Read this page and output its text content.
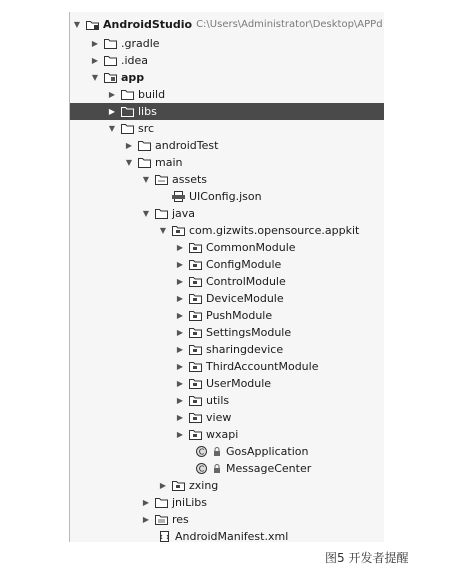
▼ AndroidStudio C:\Users\Administrator\Desktop\APPd
▶ .gradle
▶ .idea
▼ app
▶ build
▶ libs
▼ src
▶ androidTest
▼ main
▼ assets
UIConfig.json
▼ java
▼ com.gizwits.opensource.appkit
▶ CommonModule
▶ ConfigModule
▶ ControlModule
▶ DeviceModule
▶ PushModule
▶ SettingsModule
▶ sharingdevice
▶ ThirdAccountModule
▶ UserModule
▶ utils
▶ view
▶ wxapi
C GosApplication
C MessageCenter
▶ zxing
▶ jniLibs
▶ res
AndroidManifest.xml
图5 开发者提醒
